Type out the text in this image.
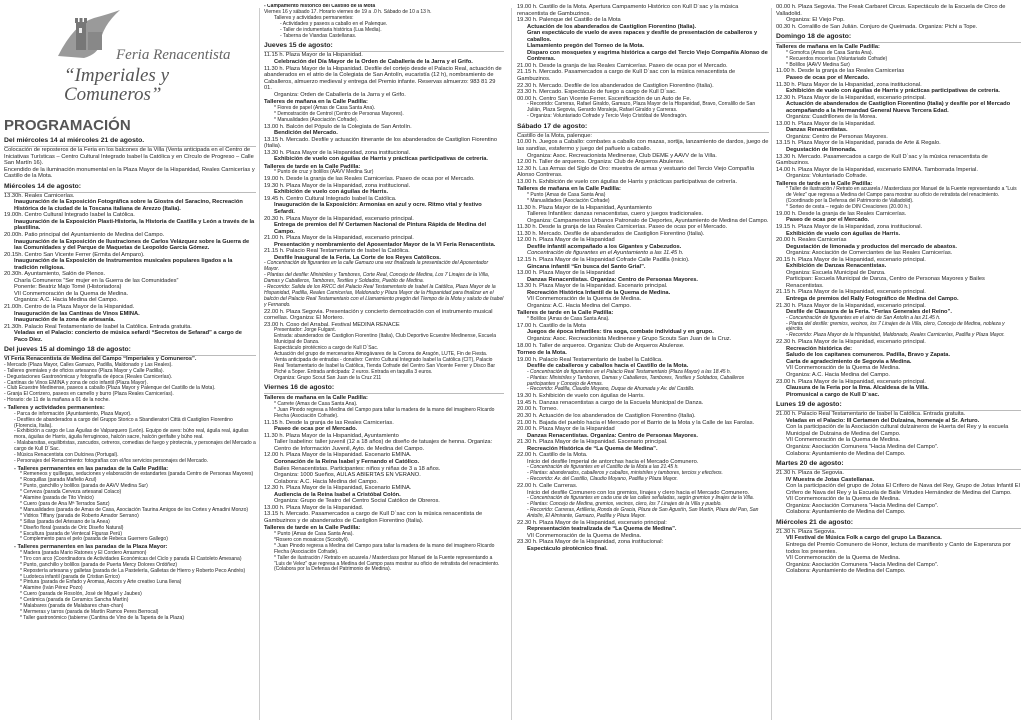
Feria Renacentista
“Imperiales y Comuneros”
PROGRAMACIÓN
Del miércoles 14 al miércoles 21 de agosto.
Colocación de reposteros de la Feria en los balcones de la Villa (Venta anticipada en el Centro de Iniciativas Turísticas – Centro Cultural Integrado Isabel la Católica y en Círculo de Progreso – Calle San Martín 16).
Encendido de la iluminación monumental en la Plaza Mayor de la Hispanidad, Reales Carnicerías y Castillo de la Mota.
Miércoles 14 de agosto:
13.30h. Reales Carnicerías.
Inauguración de la Exposición Fotográfica sobre la Giostra del Saracino, Recreación Histórica de la ciudad de la Toscana italiana de Arezzo (Italia).
19.00h. Centro Cultural Integrado Isabel la Católica.
Inauguración de la Exposición Plasti-Historia, la Historia de Castilla y León a través de la plastilina.
20.00h. Patio principal del Ayuntamiento de Medina del Campo.
Inauguración de la Exposición de Ilustraciones de Carlos Velázquez sobre la Guerra de las Comunidades y del Parque de Maquetas de Leopoldo García Gómez.
20.15h. Centro San Vicente Ferrer (Ermita del Amparo).
Inauguración de la Exposición de Instrumentos musicales populares ligados a la tradición religiosa.
20.30h. Ayuntamiento, Salón de Plenos.
Charla Comuneros “Ser mujer en la Guerra de las Comunidades”
Ponente: Beatriz Majo Tomé (Historiadora)
VII Conmemoración de la Quema de Medina.
Organiza: A.C. Hacia Medina del Campo.
21.00h. Centro de la Plaza Mayor de la Hispanidad.
Inauguración de las Cantinas de Vinos EMINA.
Inauguración de la zona de artesanía.
21.30h. Palacio Real Testamentario de Isabel la Católica. Entrada gratuita.
Veladas en el Palacio: concierto de música sefardí “Secretos de Sefarad” a cargo de Paco Díez.
Del jueves 15 al domingo 18 de agosto:
VI Feria Renacentista de Medina del Campo “Imperiales y Comuneros”.
- Mercado (Plaza Mayor, Calles Gamazo, Padilla, Maldonado y Las Reales).
- Talleres gremiales y de oficios artesanos (Plaza Mayor y Calle Padilla).
- Degustaciones Gastronómicas y fotografía de época (Reales Carnicerías).
- Cantinas de Vinos EMINA y zona de ocio infantil (Plaza Mayor).
- Club Ecuestre Medinense, paseos a caballo (Plaza Mayor y Palenque del Castillo de la Mota).
- Granja El Corrizero, paseos en camello y burro (Plaza Reales Carnicerías).
- Horario: de 11 de la mañana a 01 de la noche.
- Talleres y actividades permanentes:
- Parca de información (Ayuntamiento, Plaza Mayor).
- Desfiles de abanderados a cargo del Gruppo Storico a Sbandieratori Città di Castiglion Fiorentino (Florencia, Italia).
- Exhibición a cargo de Las Águilas de Valparquero (León). Equipo de aves: búho real, águila real, águilas mora, águilas de Harris, águila ferruginoso, halcón sacre, halcón gerifalte y búho real.
- Malabarsitas, equilibristas, zancudos, cetreros, comedias de fuego y pirotecnia, y personajes del Mercado a cargo de Kull D´Sac.
- Música Renacentista con Dulcinea (Portugal).
- Personajes del Renacimiento: fotografías con el/los servicios personajes del Mercado.
- Talleres permanentes en las paradas de la Calle Padilla:
* Remeneos y quíllegas, seduciones y elaboración de estandartes (parada Centro de Personas Mayores)
* Rosquillas (parada Mañelio Azul)
* Punto, ganchillo y bolillos (parada de AAVV Medina Sur)
* Cerveza (parada Cerveza artesanal Colaco)
* Alamine (parada de Tito Vinicio)
* Cuero (para de Ana Mª Terrados Sanz)
* Manualidades (parada de Amas de Casa, Asociación Taurina Amigos de los Cortes y Amadini Monzo)
* Vidrios Tiffany (parada de Roberto Amador Serrano)
* Sillas (parada del Artesano de la Anea)
* Diseño floral (parada de Oric Diseño Natural)
* Escultura (parada de Ventecal Figuras Perú)
* Complemento para el pelo (parada de Rebeca Guerrero Gallego)
- Talleres permanentes en las paradas de la Plaza Mayor:
* Madera (parada Mario Ratones y El Cordero Arrasmon)
* Tiro con arco (Coordinadora de Actividades Económicas del Ciclo y parada El Castoleto Amesana)
* Punto, ganchillo y bolillos (parada de Puerta Mercy Dolores Ordóñez)
* Repostería artesana y galletas (parada de La Pastelería, Galletas de Hierro y Roberto Peco Andrés)
* Ludoteca infantil (parada de Cristian Errico)
* Pintura (parada de Enfado y Aromas, Ascors y Arte creativo Luna Ilena)
* Alamine (Iván Pérez Pozo)
* Cuero (parada de Rosolón, José de Miguel y Jaubes)
* Cerámica (parada de Ceramics Sancha Martín)
* Malabares (parada de Malabares chan-chan)
* Mermeras y tarros (parada de Martín Ramos Peres Berrocal)
* Taller gastronómico (tabierne (Cantina de Vino de la Taperia de la Plaza)
- Campamento histórico del Castillo de la Mota
Viernes 16 y sábado 17. Horario viernes de 19 a .0 h. Sábado de 10 a 13 h.
Talleres y actividades permanentes:
- Actividades y paseos a caballo en el Palenque.
- Taller de indumentaria histórica (Lua Media).
- Taberna de Viandas Castellanas.
Jueves 15 de agosto:
11.15 h. Plaza Mayor de la Hispanidad.
Celebración del Día Mayor de la Orden de Caballería de la Jarra y el Grifo.
11.30 h. Plaza Mayor de la Hispanidad. Desfile del cortejo desde el Palacio Real, actuación de abanderados en el atrio de la Colegiata de San Antolín, eucaristía (12 h), nombramiento de Caballeros, almuerzo medieval y entrega del Premio infante. Reservas almuerzo: 983 81 29 01.
Organiza: Orden de Caballería de la Jarra y el Grifo.
Talleres de mañana en la Calle Padilla:
* Fiores de papel (Amas de Casa Santa Ana).
* Demostración de Centrol (Centro de Personas Mayores).
* Manualidades (Asociación Cofrade).
13.00 h. Balcón del Pópulo de la Colegiata de San Antolín.
Bendición del Mercado.
13.15 h. Mercado. Desfile y actuación itinerante de los abanderados de Castiglion Fiorentino (Italia).
13.30 h. Plaza Mayor de la Hispanidad, zona institucional.
Exhibición de vuelo con águilas de Harris y prácticas participativas de cetrería.
Talleres de tarde en la Calle Padilla:
* Punto de cruz y bolillos (AAVV Medina Sur)
19.00 h. Desde la granja de las Reales Carnicerías. Paseo de ocas por el Mercado.
19.30 h. Plaza Mayor de la Hispanidad, zona institucional.
Exhibición de vuelo con águilas de Harris.
19.45 h. Centro Cultural Integrado Isabel la Católica.
Inauguración de la Exposición: Armonías en azul y ocre. Ritmo vital y festivo Sefardí.
20.30 h. Plaza Mayor de la Hispanidad, escenario principal.
Entrega de premios del IV Certamen Nacional de Pintura Rápida de Medina del Campo.
21.00 h. Plaza Mayor de la Hispanidad, escenario principal.
Presentación y nombramiento del Aposentador Mayor de la VI Feria Renacentista.
21.15 h. Palacio Real Testamentario de Isabel la Católica.
Desfile Inaugural de la Feria. La Corte de los Reyes Católicos.
- Concentración de figurantes en la calle Gamazo una vez finalizada la presentación del Aposentador Mayor.
- Plantas del desfile: Ministriles y Tambores, Corte Real, Concejo de Medina, Los 7 Linajes de la Villa, Damas y Caballeros, Tambores, Textiles y Soldados, Pueblo de Medina.
- Recorrido: Salida de los RRCC del Palacio Real Testamentario de Isabel la Católica, Plaza Mayor de la Hispanidad, Padilla, Reales Carnicerías, Maldonado y Plaza Mayor de la Hispanidad para finalizar en el balcón del Palacio Real Testamentario con el Llamamiento pregón del Tiempo de la Mota y saludo de Isabel y Fernando.
22.00 h. Plaza Segovia. Presentación y concierto demostración con el instrumento musical cornellas. Organiza: El Mortero.
23.00 h. Coso del Arrabal. Festival MEDINA RENACE
Presentador: Jorge Fulgant.
Entrada: abanderados de Castiglion Fiorentino (Italia), Club Deportivo Ecuestre Medinense, Escuela Municipal de Danza.
Espectáculo pirotécnico a cargo de Kull D´Sac.
Actuación del grupo de mercenarios Almogávares de la Corona de Aragón, LUTE, Fin de Fiesta.
Venta anticipada de entradas - donativo: Centro Cultural Integrado Isabel la Católica (CIT), Palacio Real Testamentario de Isabel la Católica, Tienda Cofrade del Centro San Vicente Ferrer y Disco Bar Piché a 5oper. Entrada anticipada: 2 euros. Entrada en taquilla 3 euros.
Organiza: Grupo Scout San Juan de la Cruz 211
Viernes 16 de agosto:
Talleres de mañana en la Calle Padilla:
* Carrete (Amas de Casa Santa Ana).
* Juan Pinodo regresa a Medina del Campo para tallar la madera de la mano del imaginero Ricardo Flecha (Asociación Cofrade).
11.15 h. Desde la granja de las Reales Carnicerías.
Paseo de ocas por el Mercado.
11.30 h. Plaza Mayor de la Hispanidad, Ayuntamiento
Taller Isabelino: taller juvenil (12 a 18 años) de diseño de tatuajes de henna. Organiza: Centro de Información Juvenil, Ayto. de Medina del Campo.
12.00 h. Plaza Mayor de la Hispanidad. Escenario EMINA.
Coronación de la Reina Isabel y Fernando el Católico.
Bailes Renacentistas. Participantes: niños y niñas de 3 a 18 años.
Organiza: 1000 Sueños, AULAS ABIERTAS EN VERANO.
Colabora: A.C. Hacia Medina del Campo.
12.30 h. Plaza Mayor de la Hispanidad, Escenario EMINA.
Audiencia de la Reina Isabel a Cristóbal Colón.
Organiza: Grupo de Teatro del Centro Social Católico de Obreros.
13.00 h. Plaza Mayor de la Hispanidad.
13.15 h. Mercado. Pasamercados a cargo de Kull D´sac con la música renacentista de Gambuzinos y de abanderados de Castiglion Fiorentino (Italia).
Talleres de tarde en la Calle Padilla:
* Punto (Amas de Casa Santa Ana).
*Rosero con mosaicos (Scoobyli).
* Juan Pinodo regresa a Medina del Campo para tallar la madera de la mano del imaginero Ricardo Flecha (Asociación Cofrade).
* Taller de ilustración / Retrato en acuarela / Masterclass por Manuel de la Fuente representando a “Luis de Velez” que regresa a Medina del Campo para mostrar su oficio de retratista del renacimiento. (Colabora por la Defensa del Patrimonio de Medina).
19.00 h. Castillo de la Mota. Apertura Campamento Histórico con Kull D´sac y la música renacentista de Gambuzinos.
19.30 h. Palenque del Castillo de la Mota
Actuación de los abanderados de Castiglion Fiorentino (Italia).
Gran espectáculo de vuelo de aves rapaces y desfile de presentación de caballeros y caballos.
Llamamiento pregón del Torneo de la Mota.
Disparo con mosquetes y esgrima histórica a cargo del Tercio Viejo Compañía Alonso de Contreras.
21.00 h. Desde la granja de las Reales Carnicerías. Paseo de ocas por el Mercado.
21.15 h. Mercado. Pasamercados a cargo de Kull D´sac con la música renacentista de Gambuzinos.
22.30 h. Mercado. Desfile de los abanderados de Castiglion Fiorentino (Italia).
23.30 h. Mercado. Espectáculo de fuego a cargo de Kull D´sac.
00.00 h. Centro San Vicente Ferrer. Escenificación de un Auto de Fe.
- Recorrido: Carreras, Rafael Giraldo, Gamazo, Plaza Mayor de la Hispanidad, Bravo, Corralillo de San Julián, Plaza Segovia, Gerardo Moraleja, Rafael Giraldo y Carreras.
- Organiza: Voluntariado Cofrade y Tercio Viejo Cristóbal de Mondragón.
Sábado 17 de agosto:
Castillo de la Mota, palenque:
10.00 h. Juegos a Caballo: combates a caballo con mazas, sortija, lanzamiento de dardos, juego de las sandías, estafermo y juego del pañuelo a caballo.
Organiza: Asoc. Recreacionista Medinense, Club DEME y AAVV de la Villa.
12.00 h. Taller de arqueros. Organiza: Club de Arqueros Abulense.
12.30 h. Las Armas del Siglo de Oro: muestra de armas y vestuario del Tercio Viejo Compañía Alonso Contreras.
13.00 h. Exhibición de vuelo con águilas de Harris y prácticas participativas de cetrería.
Talleres de mañana en la Calle Padilla:
* Punto (Amas de Casa Santa Ana)
* Manualidades (Asociación Cofrade)
11.30 h. Plaza Mayor de la Hispanidad, Ayuntamiento
Talleres Infantiles: danzas renacentistas, cuero y juegos tradicionales.
Organiza: Campamentos Urbanos Patronato de Deportes, Ayuntamiento de Medina del Campo.
11.30 h. Desde la granja de las Reales Carnicerías. Paseo de ocas por el Mercado.
11.30 h. Mercado. Desfile de abanderados de Castiglion Fiorentino (Italia).
12.00 h. Plaza Mayor de la Hispanidad
Desfile infantil acompañado a los Gigantes y Cabezudos.
Concentración de figurantes en el Ayuntamiento a las 11.45 h.
12.15 h. Plaza Mayor de la Hispanidad Cofrade Calle Padilla (inicio).
Gincana infantil “En busca del Santo Grial”.
13.00 h. Plaza Mayor de la Hispanidad
Danzas Renacentistas. Organiza: Centro de Personas Mayores.
13.30 h. Plaza Mayor de la Hispanidad. Escenario principal.
Recreación Histórica Infantil de la Quema de Medina.
VII Conmemoración de la Quema de Medina.
Organiza: A.C. Hacia Medina del Campo.
Talleres de tarde en la Calle Padilla:
* Bolillos (Amas de Casa Santa Ana).
17.00 h. Castillo de la Mota
Juegos de época infantiles: tira soga, combate individual y en grupo.
Organiza: Asoc. Recreacionista Medinense y Grupo Scouts San Juan de la Cruz.
18.00 h. Taller de arqueros. Organiza: Club de Arqueros Abulense.
Torneo de la Mota.
19.00 h. Palacio Real Testamentario de Isabel la Católica.
Desfile de caballeros y caballos hacia el Castillo de la Mota.
- Concentración de figurantes en el Palacio Real Testamentario (Plaza Mayor) a las 18.45 h.
- Plantas: Ministriles y Tambores, Damas y Caballeros, Tambores, Textiles y Soldados, Caballeros participantes y Concejo de Armas.
- Recorrido: Padilla, Claudio Moyano, Duque de Ahumada y Av. del Castillo.
19.30 h. Exhibición de vuelo con águilas de Harris.
19.45 h. Danzas renacentistas a cargo de la Escuela Municipal de Danza.
20.00 h. Torneo.
20.30 h. Actuación de los abanderados de Castiglion Fiorentino (Italia).
21.00 h. Bajada del pueblo hacia el Mercado por el Barrio de la Mota y la Calle de las Farolas.
20.00 h. Plaza Mayor de la Hispanidad
Danzas Renacentistas. Organiza: Centro de Personas Mayores.
21.30 h. Plaza Mayor de la Hispanidad. Escenario principal.
Recreación Histórica de “La Quema de Medina”.
22.00 h. Castillo de la Mota.
Inicio del desfile Imperial de antorchas hacia el Mercado Comunero.
- Concentración de figurantes en el Castillo de la Mota a las 21.45 h.
- Plantas: abanderados, caballeros y caballos, ministriles y tambores, tercios y efectivos.
- Recorrido: Av. del Castillo, Claudio Moyano, Padilla y Plaza Mayor.
22.00 h. Calle Carreras.
Inicio del desfile Comunero con los gremios, linajes y clero hacia el Mercado Comunero.
- Concentración de figurantes en cada una de las calles señaladas, según gremios y linajes de la Villa.
- Plantas: Concejo de Medina, gremios, vecinos, clero, los 7 Linajes de la Villa y pueblo.
- Recorrido: Carreras, Artilleria, Ronda de Gracia, Plaza de San Agustín, San Martín, Plaza del Pan, San Antolín, El Almirante, Gamazo, Padilla y Plaza Mayor.
22.30 h. Plaza Mayor de la Hispanidad, escenario principal:
Representación teatralizada de “La Quema de Medina”.
VII Conmemoración de la Quema de Medina.
23.30 h. Plaza Mayor de la Hispanidad, zona institucional:
Espectáculo pirotécnico final.
00.00 h. Plaza Segovia. The Freak Carbaret Circus. Espectáculo de la Escuela de Circo de Valladolid.
Organiza: El Viejo Pop.
00.30 h. Corralillo de San Julián. Conjuro de Queimada. Organiza: Pichi a Tope.
Domingo 18 de agosto:
Talleres de mañana en la Calle Padilla:
* Gomofca (Amas de Casa Santa Ana).
* Recuerdos mocerías (Voluntariado Cofrade)
* Bolillos (AAVV Medina Sur)
11.00 h. Desde la granja de las Reales Carnicerías
Paseo de ocas por el Mercado.
11.30 h. Plaza Mayor de la Hispanidad, zona institucional.
Exhibición de vuelo con águilas de Harris y prácticas participativas de cetrería.
12.30 h. Plaza Mayor de la Hispanidad, escenario principal.
Actuación de abanderados de Castiglion Fiorentino (Italia) y desfile por el Mercado acompañando a la Hermandad General Nueva Tercera Edad.
Organiza: Cuadrillones de la Morea.
13.00 h. Plaza Mayor de la Hispanidad.
Danzas Renacentistas.
Organiza: Centro de Personas Mayores.
13.15 h. Plaza Mayor de la Hispanidad, parada de Arte & Regalo.
Degustación de limonada.
13.30 h. Mercado. Pasamercados a cargo de Kull D´sac y la música renacentista de Gambuzinos.
14.00 h. Plaza Mayor de la Hispanidad, escenario EMINA. Tamborrada Imperial.
Organiza: Voluntariado Cofrade.
Talleres de tarde en la Calle Padilla:
* Taller de ilustración / Retrato en acuarela / Masterclass por Manuel de la Fuente representando a “Luis de Velez” que regresa a Medina del Campo para mostrar su oficio de retratista del renacimiento. (Coordinado por la Defensa del Patrimonio de Valladolid).
* Sorteo de cesta – regalo de DIN Creaciones (20.00 h.)
19.00 h. Desde la granja de las Reales Carnicerías.
Paseo de ocas por el Mercado.
19.15 h. Plaza Mayor de la Hispanidad, zona institucional.
Exhibición de vuelo con águilas de Harris.
20.00 h. Reales Carnicerías
Degustación de limonada y productos del mercado de abastos.
Organiza: Asociación de Comerciantes de las Reales Carnicerías.
20.15 h. Plaza Mayor de la Hispanidad, escenario principal.
Exhibición de Danzas Renacentistas.
Organiza: Escuela Municipal de Danza.
Participan: Escuela Municipal de Danza, Centro de Personas Mayores y Bailes Renacentistas.
21.15 h. Plaza Mayor de la Hispanidad, escenario principal.
Entrega de premios del Rally Fotográfico de Medina del Campo.
21.30 h. Plaza Mayor de la Hispanidad, escenario principal.
Desfile de Clausura de la Feria. “Ferias Generales del Reino”.
- Concentración de figurantes en el atrio de San Antolín a las 21.45 h.
- Planta del desfile: gremios, vecinos, los 7 Linajes de la Villa, clero, Concejo de Medina, nobleza y ejército.
- Recorrido: Plaza Mayor de la Hispanidad, Maldonado, Reales Carnicerías, Padilla y Plaza Mayor.
22.30 h. Plaza Mayor de la Hispanidad, escenario principal.
Recreación histórica de:
Saludo de los capitanes comuneros. Padilla, Bravo y Zapata.
Carta de agradecimiento de Segovia a Medina.
VII Conmemoración de la Quema de Medina.
Organiza: A.C. Hacia Medina del Campo.
23.00 h. Plaza Mayor de la Hispanidad, escenario principal.
Clausura de la Feria por la Ilma. Alcaldesa de la Villa.
Piromusical a cargo de Kull D´sac.
Lunes 19 de agosto:
21.00 h. Palacio Real Testamentario de Isabel la Católica. Entrada gratuita.
Veladas en el Palacio: III Certamen del Dulzaina, homenaje al Sr. Arturo.
Con la participación de la Asociación cultural dulzaineros de Huerta del Rey y la escuela Municipal de Dulzaina de Medina del Campo.
VII Conmemoración de la Quema de Medina.
Organiza: Asociación Comunera “Hacia Medina del Campo”.
Colabora: Ayuntamiento de Medina del Campo.
Martes 20 de agosto:
21.30 h. Plaza de Segovia.
IV Muestra de Jotas Castellanas.
Con la participación del grupo de Jotas El Crifero de Nava del Rey, Grupo de Jotas Infantil El Crifero de Nava del Rey y la Escuela de Baile Virtudes Hernández de Medina del Campo.
VII Conmemoración de la Quema de Medina.
Organiza: Asociación Comunera “Hacia Medina del Campo”.
Colabora: Ayuntamiento de Medina del Campo.
Miércoles 21 de agosto:
21.30 h. Plaza Segovia.
VII Festival de Música Folk a cargo del grupo La Bazanca.
Entrega del Premio Comunero de Honor, lectura de manifiesto y Canto de Esperanza por todos los presentes.
VII Conmemoración de la Quema de Medina.
Organiza: Asociación Comunera “Hacia Medina del Campo”.
Colabora: Ayuntamiento de Medina del Campo.
